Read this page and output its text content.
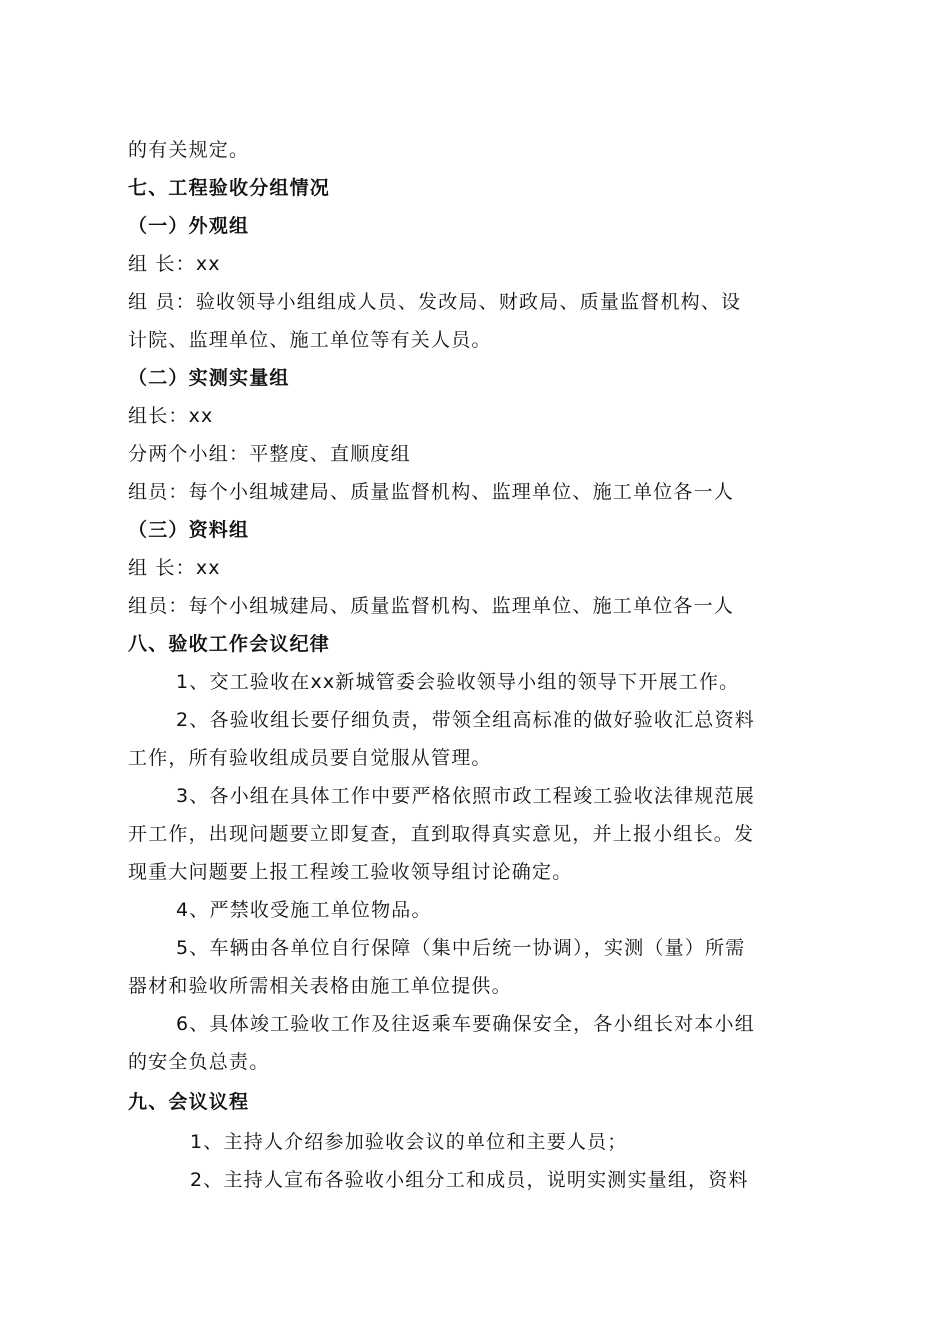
的有关规定。
七、工程验收分组情况
（一）外观组
组 长：xx
组 员：验收领导小组组成人员、发改局、财政局、质量监督机构、设
计院、监理单位、施工单位等有关人员。
（二）实测实量组
组长：xx
分两个小组：平整度、直顺度组
组员：每个小组城建局、质量监督机构、监理单位、施工单位各一人
（三）资料组
组 长：xx
组员：每个小组城建局、质量监督机构、监理单位、施工单位各一人
八、验收工作会议纪律
1、交工验收在xx新城管委会验收领导小组的领导下开展工作。
2、各验收组长要仔细负责，带领全组高标准的做好验收汇总资料
工作，所有验收组成员要自觉服从管理。
3、各小组在具体工作中要严格依照市政工程竣工验收法律规范展
开工作，出现问题要立即复查，直到取得真实意见，并上报小组长。发
现重大问题要上报工程竣工验收领导组讨论确定。
4、严禁收受施工单位物品。
5、车辆由各单位自行保障（集中后统一协调），实测（量）所需
器材和验收所需相关表格由施工单位提供。
6、具体竣工验收工作及往返乘车要确保安全，各小组长对本小组
的安全负总责。
九、会议议程
1、主持人介绍参加验收会议的单位和主要人员；
2、主持人宣布各验收小组分工和成员，说明实测实量组，资料
